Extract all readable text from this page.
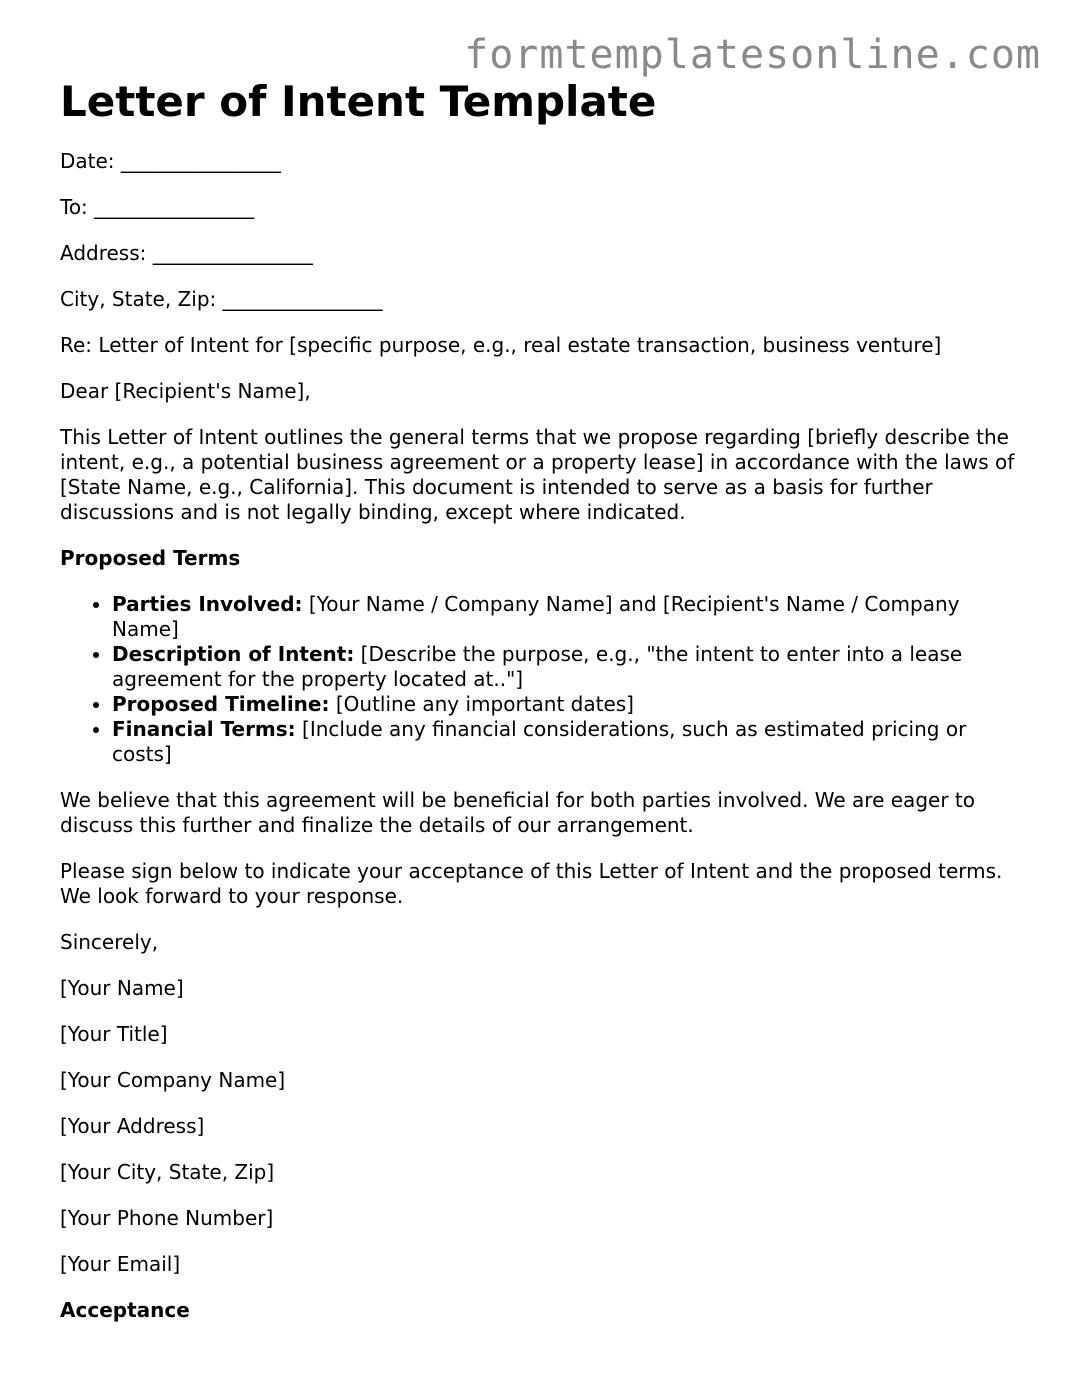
formtemplatesonline.com
Letter of Intent Template

Date: ________________

To: ________________

Address: ________________

City, State, Zip: ________________

Re: Letter of Intent for [specific purpose, e.g., real estate transaction, business venture]

Dear [Recipient's Name],

This Letter of Intent outlines the general terms that we propose regarding [briefly describe the intent, e.g., a potential business agreement or a property lease] in accordance with the laws of [State Name, e.g., California]. This document is intended to serve as a basis for further discussions and is not legally binding, except where indicated.

Proposed Terms

• Parties Involved: [Your Name / Company Name] and [Recipient's Name / Company Name]
• Description of Intent: [Describe the purpose, e.g., "the intent to enter into a lease agreement for the property located at.."]
• Proposed Timeline: [Outline any important dates]
• Financial Terms: [Include any financial considerations, such as estimated pricing or costs]

We believe that this agreement will be beneficial for both parties involved. We are eager to discuss this further and finalize the details of our arrangement.

Please sign below to indicate your acceptance of this Letter of Intent and the proposed terms. We look forward to your response.

Sincerely,

[Your Name]

[Your Title]

[Your Company Name]

[Your Address]

[Your City, State, Zip]

[Your Phone Number]

[Your Email]

Acceptance
